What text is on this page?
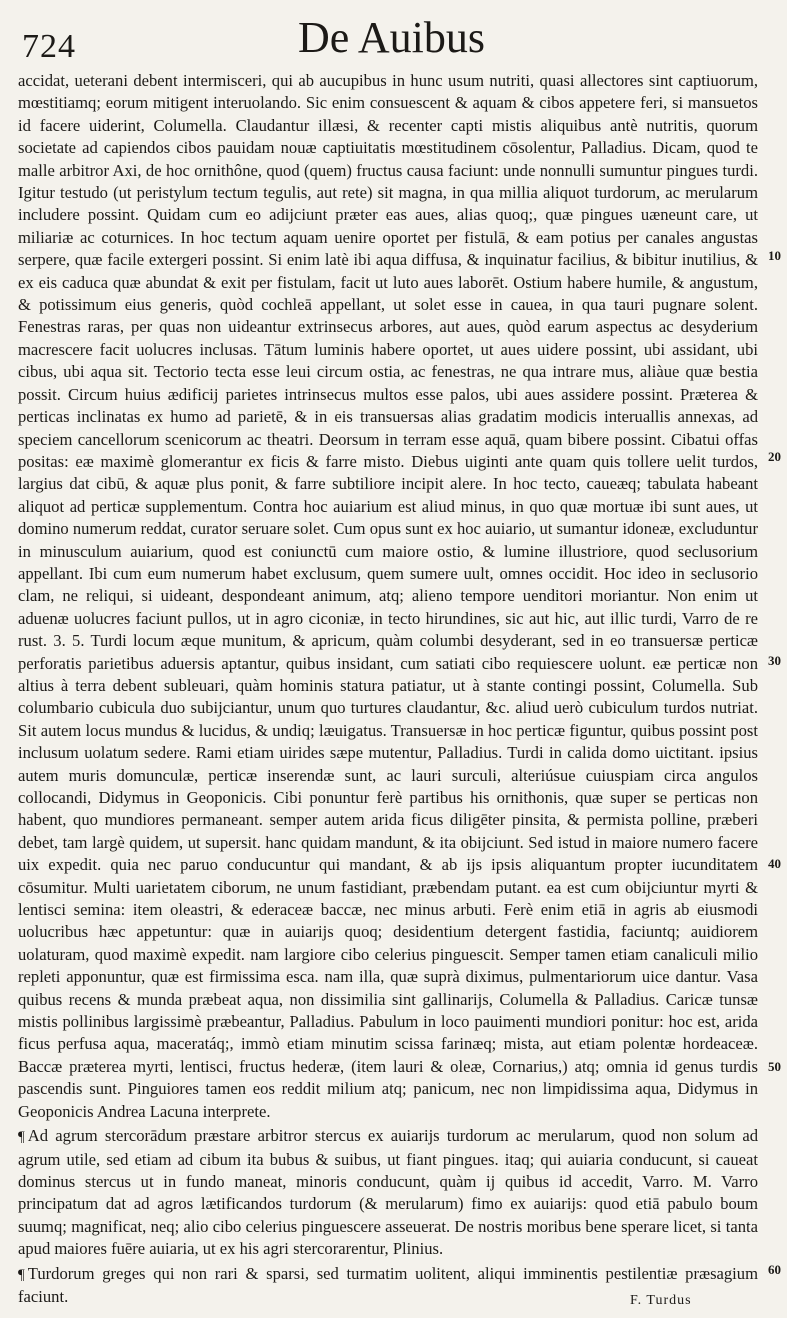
724	De Auibus

accidat, ueterani debent intermisceri, qui ab aucupibus in hunc usum nutriti, quasi allectores sint captiuorum, mœstitiamq; eorum mitigent interuolando. Sic enim consuescent & aquam & cibos appetere feri, si mansuetos id facere uiderint, Columella. Claudantur illæsi, & recenter capti mistis aliquibus antè nutritis, quorum societate ad capiendos cibos pauidam nouæ captiuitatis mœstitudinem cōsolentur, Palladius. Dicam, quod te malle arbitror Axi, de hoc ornithône, quod (quem) fructus causa faciunt: unde nonnulli sumuntur pingues turdi. Igitur testudo (ut peristylum tectum tegulis, aut rete) sit magna, in qua millia aliquot turdorum, ac merularum includere possint. Quidam cum eo adijciunt præter eas aues, alias quoq;, quæ pingues uæneunt care, ut miliariæ ac coturnices. In hoc tectum aquam uenire oportet per fistulā, & eam potius per canales angustas serpere, quæ facile extergeri possint. Si enim latè ibi aqua diffusa, & inquinatur facilius, & bibitur inutilius, & ex eis caduca quæ abundat & exit per fistulam, facit ut luto aues laborēt. Ostium habere humile, & angustum, & potissimum eius generis, quòd cochleā appellant, ut solet esse in cauea, in qua tauri pugnare solent. Fenestras raras, per quas non uideantur extrinsecus arbores, aut aues, quòd earum aspectus ac desyderium macrescere facit uolucres inclusas. Tātum luminis habere oportet, ut aues uidere possint, ubi assidant, ubi cibus, ubi aqua sit. Tectorio tecta esse leui circum ostia, ac fenestras, ne qua intrare mus, aliàue quæ bestia possit. Circum huius ædificij parietes intrinsecus multos esse palos, ubi aues assidere possint. Præterea & perticas inclinatas ex humo ad parietē, & in eis transuersas alias gradatim modicis interuallis annexas, ad speciem cancellorum scenicorum ac theatri. Deorsum in terram esse aquā, quam bibere possint. Cibatui offas positas: eæ maximè glomerantur ex ficis & farre misto. Diebus uiginti ante quam quis tollere uelit turdos, largius dat cibū, & aquæ plus ponit, & farre subtiliore incipit alere. In hoc tecto, caueæq; tabulata habeant aliquot ad perticæ supplementum. Contra hoc auiarium est aliud minus, in quo quæ mortuæ ibi sunt aues, ut domino numerum reddat, curator seruare solet. Cum opus sunt ex hoc auiario, ut sumantur idoneæ, excluduntur in minusculum auiarium, quod est coniunctū cum maiore ostio, & lumine illustriore, quod seclusorium appellant. Ibi cum eum numerum habet exclusum, quem sumere uult, omnes occidit. Hoc ideo in seclusorio clam, ne reliqui, si uideant, despondeant animum, atq; alieno tempore uenditori moriantur. Non enim ut aduenæ uolucres faciunt pullos, ut in agro ciconiæ, in tecto hirundines, sic aut hic, aut illic turdi, Varro de re rust. 3. 5. Turdi locum æque munitum, & apricum, quàm columbi desyderant, sed in eo transuersæ perticæ perforatis parietibus aduersis aptantur, quibus insidant, cum satiati cibo requiescere uolunt. eæ perticæ non altius à terra debent subleuari, quàm hominis statura patiatur, ut à stante contingi possint, Columella. Sub columbario cubicula duo subijciantur, unum quo turtures claudantur, &c. aliud uerò cubiculum turdos nutriat. Sit autem locus mundus & lucidus, & undiq; læuigatus. Transuersæ in hoc perticæ figuntur, quibus possint post inclusum uolatum sedere. Rami etiam uirides sæpe mutentur, Palladius. Turdi in calida domo uictitant. ipsius autem muris domunculæ, perticæ inserendæ sunt, ac lauri surculi, alteriúsue cuiuspiam circa angulos collocandi, Didymus in Geoponicis. Cibi ponuntur ferè partibus his ornithonis, quæ super se perticas non habent, quo mundiores permaneant. semper autem arida ficus diligēter pinsita, & permista polline, præberi debet, tam largè quidem, ut supersit. hanc quidam mandunt, & ita obijciunt. Sed istud in maiore numero facere uix expedit. quia nec paruo conducuntur qui mandant, & ab ijs ipsis aliquantum propter iucunditatem cōsumitur. Multi uarietatem ciborum, ne unum fastidiant, præbendam putant. ea est cum obijciuntur myrti & lentisci semina: item oleastri, & ederaceæ baccæ, nec minus arbuti. Ferè enim etiā in agris ab eiusmodi uolucribus hæc appetuntur: quæ in auiarijs quoq; desidentium detergent fastidia, faciuntq; auidiorem uolaturam, quod maximè expedit. nam largiore cibo celerius pinguescit. Semper tamen etiam canaliculi milio repleti apponuntur, quæ est firmissima esca. nam illa, quæ suprà diximus, pulmentariorum uice dantur. Vasa quibus recens & munda præbeat aqua, non dissimilia sint gallinarijs, Columella & Palladius. Caricæ tunsæ mistis pollinibus largissimè præbeantur, Palladius. Pabulum in loco pauimenti mundiori ponitur: hoc est, arida ficus perfusa aqua, maceratáq;, immò etiam minutim scissa farinæq; mista, aut etiam polentæ hordeaceæ. Baccæ præterea myrti, lentisci, fructus hederæ, (item lauri & oleæ, Cornarius,) atq; omnia id genus turdis pascendis sunt. Pinguiores tamen eos reddit milium atq; panicum, nec non limpidissima aqua, Didymus in Geoponicis Andrea Lacuna interprete.

¶ Ad agrum stercorādum præstare arbitror stercus ex auiarijs turdorum ac merularum, quod non solum ad agrum utile, sed etiam ad cibum ita bubus & suibus, ut fiant pingues. itaq; qui auiaria conducunt, si caueat dominus stercus ut in fundo maneat, minoris conducunt, quàm ij quibus id accedit, Varro. M. Varro principatum dat ad agros lætificandos turdorum (& merularum) fimo ex auiarijs: quod etiā pabulo boum suumq; magnificat, neq; alio cibo celerius pinguescere asseuerat. De nostris moribus bene sperare licet, si tanta apud maiores fuēre auiaria, ut ex his agri stercorarentur, Plinius.

¶ Turdorum greges qui non rari & sparsi, sed turmatim uolitent, aliqui imminentis pestilentiæ præsagium faciunt.

10
20
30
40
50
60
F. Turdus
